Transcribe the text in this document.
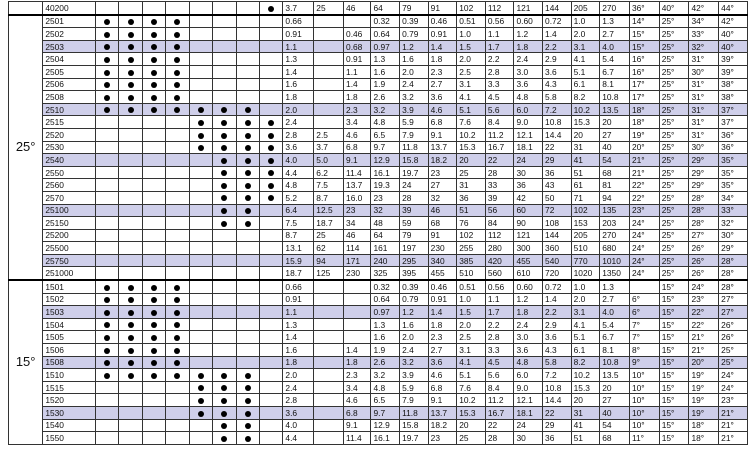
	40200									3.7	25	46	64	79	91	102	112	121	144	205	270	36°	40°	42°	44°
25°	2501									0.66			0.32	0.39	0.46	0.51	0.56	0.60	0.72	1.0	1.3	14°	25°	34°	42°
	2502									0.91		0.46	0.64	0.79	0.91	1.0	1.1	1.2	1.4	2.0	2.7	15°	25°	33°	40°
	2503									1.1		0.68	0.97	1.2	1.4	1.5	1.7	1.8	2.2	3.1	4.0	15°	25°	32°	40°
	2504									1.3		0.91	1.3	1.6	1.8	2.0	2.2	2.4	2.9	4.1	5.4	16°	25°	31°	39°
	2505									1.4		1.1	1.6	2.0	2.3	2.5	2.8	3.0	3.6	5.1	6.7	16°	25°	30°	39°
	2506									1.6		1.4	1.9	2.4	2.7	3.1	3.3	3.6	4.3	6.1	8.1	17°	25°	31°	38°
	2508									1.8		1.8	2.6	3.2	3.6	4.1	4.5	4.8	5.8	8.2	10.8	17°	25°	31°	38°
	2510									2.0		2.3	3.2	3.9	4.6	5.1	5.6	6.0	7.2	10.2	13.5	18°	25°	31°	37°
	2515									2.4		3.4	4.8	5.9	6.8	7.6	8.4	9.0	10.8	15.3	20	18°	25°	31°	37°
	2520									2.8	2.5	4.6	6.5	7.9	9.1	10.2	11.2	12.1	14.4	20	27	19°	25°	31°	36°
	2530									3.6	3.7	6.8	9.7	11.8	13.7	15.3	16.7	18.1	22	31	40	20°	25°	30°	36°
	2540									4.0	5.0	9.1	12.9	15.8	18.2	20	22	24	29	41	54	21°	25°	29°	35°
	2550									4.4	6.2	11.4	16.1	19.7	23	25	28	30	36	51	68	21°	25°	29°	35°
	2560									4.8	7.5	13.7	19.3	24	27	31	33	36	43	61	81	22°	25°	29°	35°
	2570									5.2	8.7	16.0	23	28	32	36	39	42	50	71	94	22°	25°	28°	34°
	25100									6.4	12.5	23	32	39	46	51	56	60	72	102	135	23°	25°	28°	33°
	25150									7.5	18.7	34	48	59	68	76	84	90	108	153	203	24°	25°	28°	32°
	25200									8.7	25	46	64	79	91	102	112	121	144	205	270	24°	25°	27°	30°
	25500									13.1	62	114	161	197	230	255	280	300	360	510	680	24°	25°	26°	29°
	25750									15.9	94	171	240	295	340	385	420	455	540	770	1010	24°	25°	26°	28°
	251000									18.7	125	230	325	395	455	510	560	610	720	1020	1350	24°	25°	26°	28°
15°	1501									0.66			0.32	0.39	0.46	0.51	0.56	0.60	0.72	1.0	1.3		15°	24°	28°
	1502									0.91			0.64	0.79	0.91	1.0	1.1	1.2	1.4	2.0	2.7	6°	15°	23°	27°
	1503									1.1			0.97	1.2	1.4	1.5	1.7	1.8	2.2	3.1	4.0	6°	15°	22°	27°
	1504									1.3			1.3	1.6	1.8	2.0	2.2	2.4	2.9	4.1	5.4	7°	15°	22°	26°
	1505									1.4			1.6	2.0	2.3	2.5	2.8	3.0	3.6	5.1	6.7	7°	15°	21°	26°
	1506									1.6		1.4	1.9	2.4	2.7	3.1	3.3	3.6	4.3	6.1	8.1	8°	15°	21°	25°
	1508									1.8		1.8	2.6	3.2	3.6	4.1	4.5	4.8	5.8	8.2	10.8	9°	15°	20°	25°
	1510									2.0		2.3	3.2	3.9	4.6	5.1	5.6	6.0	7.2	10.2	13.5	10°	15°	19°	24°
	1515									2.4		3.4	4.8	5.9	6.8	7.6	8.4	9.0	10.8	15.3	20	10°	15°	19°	24°
	1520									2.8		4.6	6.5	7.9	9.1	10.2	11.2	12.1	14.4	20	27	10°	15°	19°	23°
	1530									3.6		6.8	9.7	11.8	13.7	15.3	16.7	18.1	22	31	40	10°	15°	19°	21°
	1540									4.0		9.1	12.9	15.8	18.2	20	22	24	29	41	54	10°	15°	18°	21°
	1550									4.4		11.4	16.1	19.7	23	25	28	30	36	51	68	11°	15°	18°	21°
